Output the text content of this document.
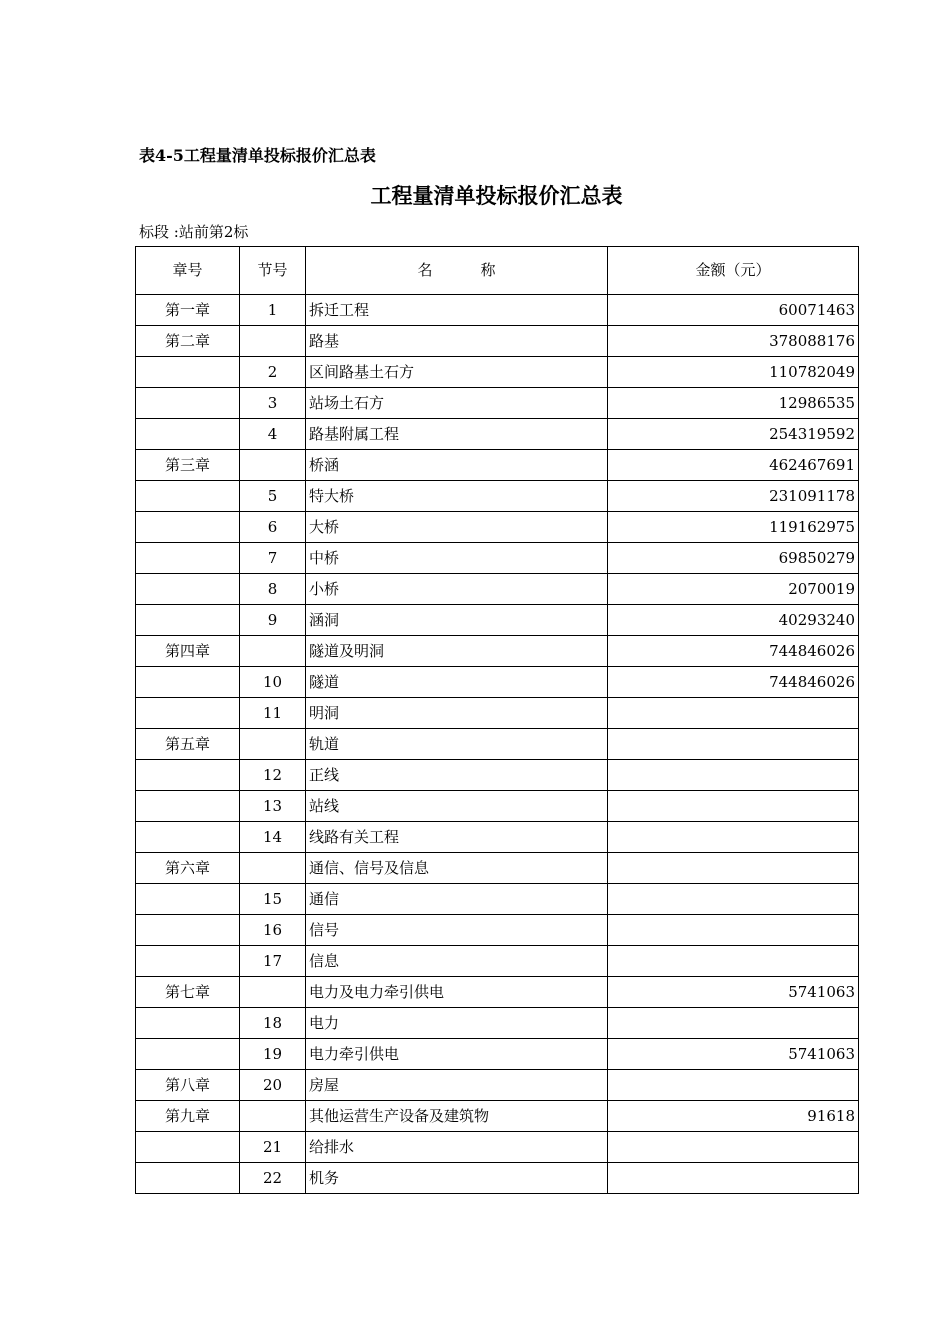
表4-5工程量清单投标报价汇总表
工程量清单投标报价汇总表
标段 :站前第2标
章号	节号	名 称	金额（元）
第一章	1	拆迁工程	60071463
第二章		路基	378088176
	2	区间路基土石方	110782049
	3	站场土石方	12986535
	4	路基附属工程	254319592
第三章		桥涵	462467691
	5	特大桥	231091178
	6	大桥	119162975
	7	中桥	69850279
	8	小桥	2070019
	9	涵洞	40293240
第四章		隧道及明洞	744846026
	10	隧道	744846026
	11	明洞	
第五章		轨道	
	12	正线	
	13	站线	
	14	线路有关工程	
第六章		通信、信号及信息	
	15	通信	
	16	信号	
	17	信息	
第七章		电力及电力牵引供电	5741063
	18	电力	
	19	电力牵引供电	5741063
第八章	20	房屋	
第九章		其他运营生产设备及建筑物	91618
	21	给排水	
	22	机务	
